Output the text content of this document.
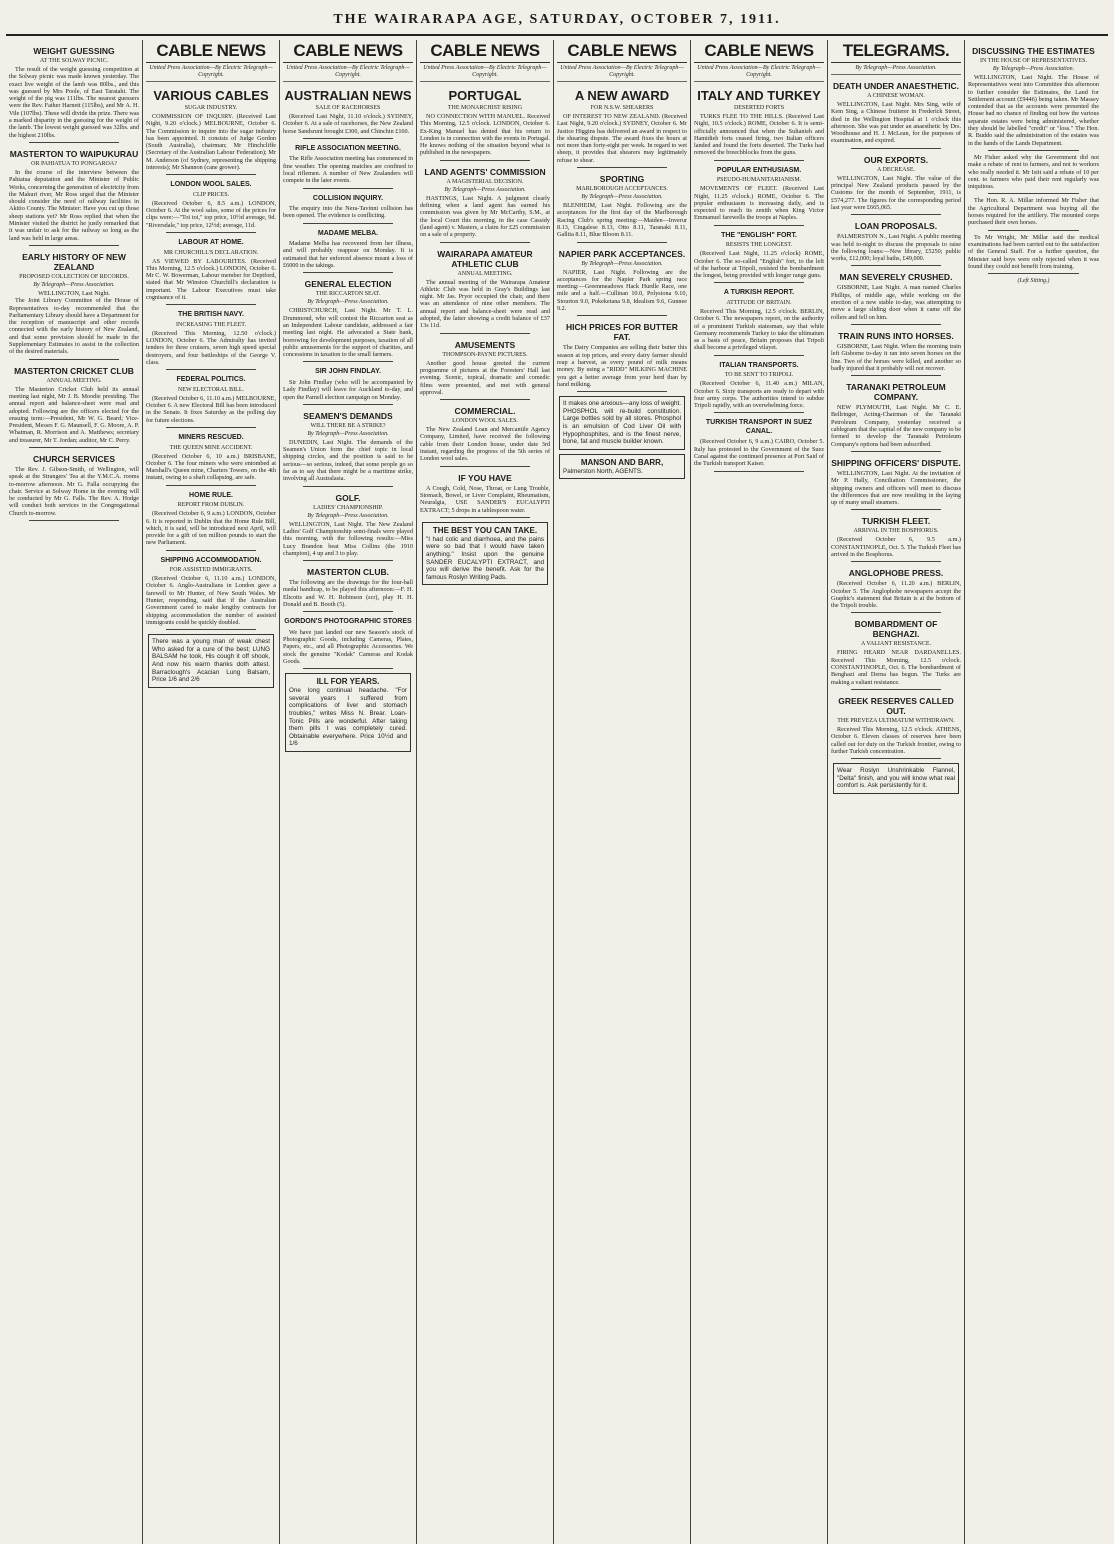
THE WAIRARAPA AGE, SATURDAY, OCTOBER 7, 1911.
WEIGHT GUESSING
AT THE SOLWAY PICNIC.

The result of the weight guessing competition at the Solway picnic was made known yesterday. The exact live weight of the lamb was 80lbs., and this was guessed by Mrs Poole, of East Taratahi. The weight of the pig was 111lbs. The nearest guessers were the Rev. Father Harnett (115lbs), and Mr A. H. Vile (107lbs). These will divide the prize. There was a marked disparity in the guessing for the weight of the lamb. The lowest weight guessed was 32lbs. and the highest 210lbs.

MASTERTON TO WAIPUKURAU
OR PAHIATUA TO PONGAROA?

In the course of the interview between the Pahiatua deputation and the Minister of Public Works, concerning the generation of electricity from the Makuri river, Mr Ross urged that the Minister should consider the need of railway facilities in Akitio County. The Minister: Have you cut up those sheep stations yet? Mr Ross replied that when the Minister visited the district he justly remarked that it was unfair to ask for the railway so long as the land was held in large areas.

EARLY HISTORY OF NEW ZEALAND
PROPOSED COLLECTION OF RECORDS.
By Telegraph—Press Association.

WELLINGTON, Last Night.

The Joint Library Committee of the House of Representatives to-day recommended that the Parliamentary Library should have a Department for the reception of manuscript and other records connected with the early history of New Zealand, and that some provision should be made in the Supplementary Estimates to assist in the collection of the desired materials.

MASTERTON CRICKET CLUB
ANNUAL MEETING.

The Masterton Cricket Club held its annual meeting last night, Mr J. B. Moodie presiding. The annual report and balance-sheet were read and adopted. Following are the officers elected for the ensuing term:—President, Mr W. G. Beard; Vice-President, Messrs F. G. Maunsell, F. G. Moore, A. P. Whatman, R. Morrison and A. Matthews; secretary and treasurer, Mr T. Jordan; auditor, Mr C. Perry.

CHURCH SERVICES

The Rev. J. Gibson-Smith, of Wellington, will speak at the Strangers' Tea at the Y.M.C.A. rooms to-morrow afternoon. Mr G. Falla occupying the chair. Service at Solway Home in the evening will be conducted by Mr G. Falls. The Rev. A. Hodge will conduct both services in the Congregational Church to-morrow.

CABLE NEWS
United Press Association—By Electric Telegraph—Copyright.
VARIOUS CABLES
SUGAR INDUSTRY.

COMMISSION OF INQUIRY. (Received Last Night, 9.20 o'clock.) MELBOURNE, October 6. The Commission to inquire into the sugar industry has been appointed. It consists of Judge Gordon (South Australia), chairman; Mr Hinchcliffe (Secretary of the Australian Labour Federation); Mr M. Anderson (of Sydney, representing the shipping interests); Mr Shannon (cane grower).

LONDON WOOL SALES.
CLIP PRICES.

(Received October 6, 8.5 a.m.) LONDON, October 6. At the wool sales, some of the prices for clips were:—"Toi toi," top price, 10½d average, 9d. "Riversdale," top price, 12½d; average, 11d.

LABOUR AT HOME.
MR CHURCHILL'S DECLARATION.

AS VIEWED BY LABOURITES. (Received This Morning, 12.5 o'clock.) LONDON, October 6. Mr C. W. Bowerman, Labour member for Deptford, stated that Mr Winston Churchill's declaration is important. The Labour Executives must take cognisance of it.

THE BRITISH NAVY.
INCREASING THE FLEET.

(Received This Morning, 12.50 o'clock.) LONDON, October 6. The Admiralty has invited tenders for three cruisers, seven high speed special destroyers, and four battleships of the George V. class.

FEDERAL POLITICS.
NEW ELECTORAL BILL.

(Received October 6, 11.10 a.m.) MELBOURNE, October 6. A new Electoral Bill has been introduced in the Senate. It fixes Saturday as the polling day for future elections.

MINERS RESCUED.
THE QUEEN MINE ACCIDENT.

(Received October 6, 10 a.m.) BRISBANE, October 6. The four miners who were entombed at Marshall's Queen mine, Charters Towers, on the 4th instant, owing to a shaft collapsing, are safe.

HOME RULE.
REPORT FROM DUBLIN.

(Received October 6, 9 a.m.) LONDON, October 6. It is reported in Dublin that the Home Rule Bill, which, it is said, will be introduced next April, will provide for a gift of ten million pounds to start the new Parliament.

SHIPPING ACCOMMODATION.
FOR ASSISTED IMMIGRANTS.

(Received October 6, 11.10 a.m.) LONDON, October 6. Anglo-Australians in London gave a farewell to Mr Hunter, of New South Wales. Mr Hunter, responding, said that if the Australian Government cared to make lengthy contracts for shipping accommodation the number of assisted immigrants could be quickly doubled.

There was a young man of weak chest Who asked for a cure of the best; LUNG BALSAM he took, His cough it off shook, And now his warm thanks doth attest. Barraclough's Acacian Lung Balsam, Price 1/6 and 2/6
CABLE NEWS
United Press Association—By Electric Telegraph—Copyright.
AUSTRALIAN NEWS
SALE OF RACEHORSES

(Received Last Night, 11.10 o'clock.) SYDNEY, October 6. At a sale of racehorses, the New Zealand horse Sandsrunt brought £300, and Chinchin £160.

RIFLE ASSOCIATION MEETING.

The Rifle Association meeting has commenced in fine weather. The opening matches are confined to local riflemen. A number of New Zealanders will compete in the later events.

COLLISION INQUIRY.

The enquiry into the Nera-Tavinni collision has been opened. The evidence is conflicting.

MADAME MELBA.

Madame Melba has recovered from her illness, and will probably reappear on Monday. It is estimated that her enforced absence meant a loss of £6000 in the takings.

GENERAL ELECTION
THE RICCARTON SEAT.
By Telegraph—Press Association.

CHRISTCHURCH, Last Night. Mr T. L. Drummond, who will contest the Riccarton seat as an Independent Labour candidate, addressed a fair meeting last night. He advocated a State bank, borrowing for development purposes, taxation of all public amusements for the support of charities, and concessions in taxation to the small farmers.

SIR JOHN FINDLAY.

Sir John Findlay (who will be accompanied by Lady Findlay) will leave for Auckland to-day, and open the Parnell election campaign on Monday.

SEAMEN'S DEMANDS
WILL THERE BE A STRIKE?
By Telegraph—Press Association.

DUNEDIN, Last Night. The demands of the Seamen's Union form the chief topic in local shipping circles, and the position is said to be serious—so serious, indeed, that some people go so far as to say that there might be a maritime strike, involving all Australasia.

GOLF.
LADIES' CHAMPIONSHIP.
By Telegraph—Press Association.

WELLINGTON, Last Night. The New Zealand Ladies' Golf Championship semi-finals were played this morning, with the following results:—Miss Lucy Brandon beat Miss Collins (the 1910 champion), 4 up and 3 to play.

MASTERTON CLUB.

The following are the drawings for the four-ball medal handicap, to be played this afternoon:—F. H. Eltcotts and W. H. Robinson (scr), play H. H. Donald and B. Booth (5).

GORDON'S PHOTOGRAPHIC STORES

We have just landed our new Season's stock of Photographic Goods, including Cameras, Plates, Papers, etc., and all Photographic Accessories. We stock the genuine "Kodak" Cameras and Kodak Goods.

ILL FOR YEARS.
One long continual headache. "For several years I suffered from complications of liver and stomach troubles," writes Miss N. Brear. Loan-Tonic Pills are wonderful. After taking them pills I was completely cured. Obtainable everywhere. Price 10½d and 1/6
CABLE NEWS
United Press Association—By Electric Telegraph—Copyright.
PORTUGAL
THE MONARCHIST RISING

NO CONNECTION WITH MANUEL. Received This Morning, 12.5 o'clock. LONDON, October 6. Ex-King Manuel has denied that his return to London is in connection with the events in Portugal. He knows nothing of the situation beyond what is published in the newspapers.

LAND AGENTS' COMMISSION
A MAGISTERIAL DECISION.
By Telegraph—Press Association.

HASTINGS, Last Night. A judgment clearly defining when a land agent has earned his commission was given by Mr McCarthy, S.M., at the local Court this morning, in the case Cassidy (land agent) v. Masters, a claim for £25 commission on a sale of a property.

WAIRARAPA AMATEUR ATHLETIC CLUB
ANNUAL MEETING.

The annual meeting of the Wairarapa Amateur Athletic Club was held in Gray's Buildings last night. Mr Jas. Pryor occupied the chair, and there was an attendance of nine other members. The annual report and balance-sheet were read and adopted, the latter showing a credit balance of £37 13s 11d.

AMUSEMENTS
THOMPSON-PAYNE PICTURES.

Another good house greeted the current programme of pictures at the Foresters' Hall last evening. Scenic, topical, dramatic and comedic films were presented, and met with general approval.

COMMERCIAL.
LONDON WOOL SALES.

The New Zealand Loan and Mercantile Agency Company, Limited, have received the following cable from their London house, under date 3rd instant, regarding the progress of the 5th series of London wool sales.

IF YOU HAVE

A Cough, Cold, Nose, Throat, or Lung Trouble, Stomach, Bowel, or Liver Complaint, Rheumatism, Neuralgia, USE SANDER'S EUCALYPTI EXTRACT; 5 drops in a tablespoon water.

THE BEST YOU CAN TAKE.
"I had colic and diarrhoea, and the pains were so bad that I would have taken anything." Insist upon the genuine SANDER EUCALYPTI EXTRACT, and you will derive the benefit. Ask for the famous Roslyn Writing Pads.
CABLE NEWS
United Press Association—By Electric Telegraph—Copyright.
A NEW AWARD
FOR N.S.W. SHEARERS

OF INTEREST TO NEW ZEALAND. (Received Last Night, 9.20 o'clock.) SYDNEY, October 6. Mr Justice Higgins has delivered an award in respect to the shearing dispute. The award fixes the hours at not more than forty-eight per week. In regard to wet sheep, it provides that shearers may legitimately refuse to shear.

SPORTING
MARLBOROUGH ACCEPTANCES.
By Telegraph—Press Association.

BLENHEIM, Last Night. Following are the acceptances for the first day of the Marlborough Racing Club's spring meeting:—Maiden—Inverur 8.13, Cingalese 8.13, Otto 8.11, Taranaki 8.11, Gallita 8.11, Blue Bloom 8.11.

NAPIER PARK ACCEPTANCES.
By Telegraph—Press Association.

NAPIER, Last Night. Following are the acceptances for the Napier Park spring race meeting:—Greenmeadows Hack Hurdle Race, one mile and a half.—Cullinan 10.0, Polysiona 9.10, Stourton 9.0, Pokeketana 9.8, Idealism 9.6, Gunnee 9.2.

HICH PRICES FOR BUTTER FAT.

The Dairy Companies are selling their butter this season at top prices, and every dairy farmer should reap a harvest, as every pound of milk means money. By using a "RIDD" MILKING MACHINE you get a better average from your herd than by hand milking.

It makes one anxious—any loss of weight. PHOSPHOL will re-build constitution. Large bottles sold by all stores. Phosphol is an emulsion of Cod Liver Oil with Hypophosphites, and is the finest nerve, bone, fat and muscle builder known.
MANSON AND BARR,
Palmerston North, AGENTS.
CABLE NEWS
United Press Association—By Electric Telegraph—Copyright.
ITALY AND TURKEY
DESERTED FORTS

TURKS FLEE TO THE HILLS. (Received Last Night, 10.5 o'clock.) ROME, October 6. It is semi-officially announced that when the Sultanieh and Hamidieh forts ceased firing, two Italian officers landed and found the forts deserted. The Turks had removed the breechblocks from the guns.

POPULAR ENTHUSIASM.
PSEUDO-HUMANITARIANISM.

MOVEMENTS OF FLEET. (Received Last Night, 11.25 o'clock.) ROME, October 6. The popular enthusiasm is increasing daily, and is expected to reach its zenith when King Victor Emmanuel farewells the troops at Naples.

THE "ENGLISH" FORT.
RESISTS THE LONGEST.

(Received Last Night, 11.25 o'clock) ROME, October 6. The so-called "English" fort, to the left of the harbour at Tripoli, resisted the bombardment the longest, being provided with longer range guns.

A TURKISH REPORT.
ATTITUDE OF BRITAIN.

Received This Morning, 12.5 o'clock. BERLIN, October 6. The newspapers report, on the authority of a prominent Turkish statesman, say that while Germany recommends Turkey to take the ultimatum as a basis of peace, Britain proposes that Tripoli shall become a privileged vilayet.

ITALIAN TRANSPORTS.
TO BE SENT TO TRIPOLI.

(Received October 6, 11.40 a.m.) MILAN, October 6. Sixty transports are ready to depart with four army corps. The authorities intend to subdue Tripoli rapidly, with an overwhelming force.

TURKISH TRANSPORT IN SUEZ CANAL.

(Received October 6, 9 a.m.) CAIRO, October 5. Italy has protested to the Government of the Suez Canal against the continued presence at Port Said of the Turkish transport Kaiser.

TELEGRAMS.
By Telegraph—Press Association.
DEATH UNDER ANAESTHETIC.
A CHINESE WOMAN.

WELLINGTON, Last Night. Mrs Sing, wife of Kem Sing, a Chinese fruiterer in Frederick Street, died in the Wellington Hospital at 1 o'clock this afternoon. She was put under an anaesthetic by Drs. Woodhouse and H. J. McLean, for the purposes of examination, and expired.

OUR EXPORTS.
A DECREASE.

WELLINGTON, Last Night. The value of the principal New Zealand products passed by the Customs for the month of September, 1911, is £574,277. The figures for the corresponding period last year were £665,065.

LOAN PROPOSALS.

PALMERSTON N., Last Night. A public meeting was held to-night to discuss the proposals to raise the following loans:—New library, £5250; public works, £12,000; loyal baths, £49,000.

MAN SEVERELY CRUSHED.

GISBORNE, Last Night. A man named Charles Phillips, of middle age, while working on the erection of a new stable to-day, was attempting to move a large sliding door when it came off the rollers and fell on him.

TRAIN RUNS INTO HORSES.

GISBORNE, Last Night. When the morning train left Gisborne to-day it ran into seven horses on the line. Two of the horses were killed, and another so badly injured that it probably will not recover.

TARANAKI PETROLEUM COMPANY.

NEW PLYMOUTH, Last Night. Mr C. E. Bellringer, Acting-Chairman of the Taranaki Petroleum Company, yesterday received a cablegram that the capital of the new company to be formed to develop the Taranaki Petroleum Company's options had been subscribed.

SHIPPING OFFICERS' DISPUTE.

WELLINGTON, Last Night. At the invitation of Mr P. Hally, Conciliation Commissioner, the shipping owners and officers will meet to discuss the differences that are now resulting in the laying up of many small steamers.

TURKISH FLEET.
ARRIVAL IN THE BOSPHORUS.

(Received October 6, 9.5 a.m.) CONSTANTINOPLE, Oct. 5. The Turkish Fleet has arrived in the Bosphorus.

ANGLOPHOBE PRESS.

(Received October 6, 11.20 a.m.) BERLIN, October 5. The Anglophobe newspapers accept the Graphic's statement that Britain is at the bottom of the Tripoli trouble.

BOMBARDMENT OF BENGHAZI.
A VALIANT RESISTANCE.

FIRING HEARD NEAR DARDANELLES. Received This Morning, 12.5 o'clock. CONSTANTINOPLE, Oct. 6. The bombardment of Benghazi and Derna has begun. The Turks are making a valiant resistance.

GREEK RESERVES CALLED OUT.
THE PREVEZA ULTIMATUM WITHDRAWN.

Received This Morning, 12.5 o'clock. ATHENS, October 6. Eleven classes of reserves have been called out for duty on the Turkish frontier, owing to further Turkish concentration.

Wear Roslyn Unshrinkable Flannel, "Delta" finish, and you will know what real comfort is. Ask persistently for it.
DISCUSSING THE ESTIMATES
IN THE HOUSE OF REPRESENTATIVES.
By Telegraph—Press Association.

WELLINGTON, Last Night. The House of Representatives went into Committee this afternoon to further consider the Estimates, the Land for Settlement account (£9446) being taken. Mr Massey contended that as the accounts were presented the House had no chance of finding out how the various separate estates were being administered, whether they should be labelled "credit" or "loss." The Hon. R. Buddo said the administration of the estates was in the hands of the Lands Department.

Mr Fisher asked why the Government did not make a rebate of rent to farmers, and not to workers who really needed it. Mr Isitt said a rebate of 10 per cent. to farmers who paid their rent regularly was iniquitous.

The Hon. R. A. Millar informed Mr Fisher that the Agricultural Department was buying all the horses required for the artillery. The mounted corps purchased their own horses.

To Mr Wright, Mr Millar said the medical examinations had been carried out to the satisfaction of the General Staff. For a further question, the Minister said boys were only rejected when it was found they could not benefit from training.

(Left Sitting.)
